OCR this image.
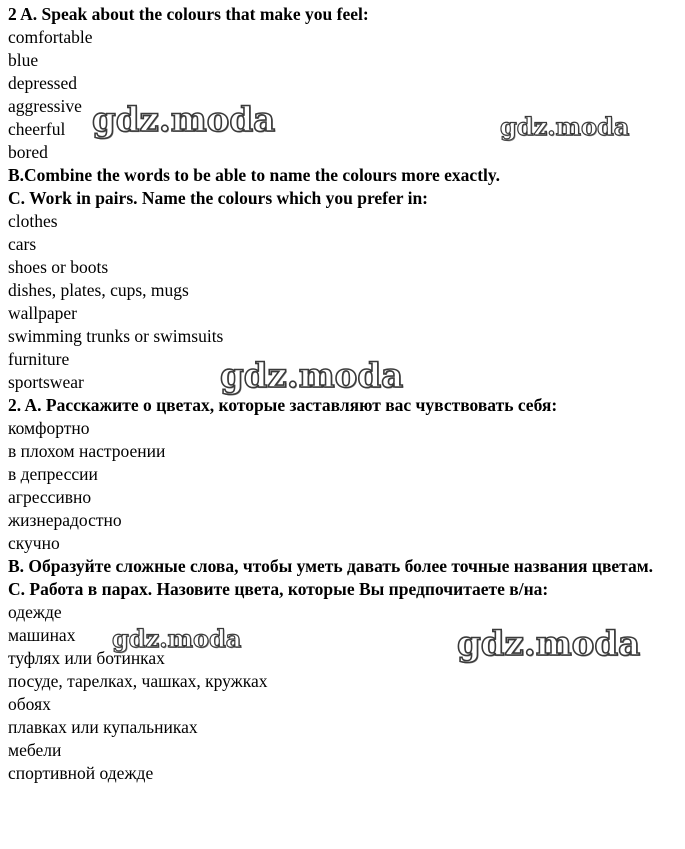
2 A. Speak about the colours that make you feel:

comfortable

blue

depressed

aggressive

cheerful

bored

B.Combine the words to be able to name the colours more exactly.

C. Work in pairs. Name the colours which you prefer in:

clothes

cars

shoes or boots

dishes, plates, cups, mugs

wallpaper

swimming trunks or swimsuits

furniture

sportswear

2. A. Расскажите о цветах, которые заставляют вас чувствовать себя:

комфортно

в плохом настроении

в депрессии

агрессивно

жизнерадостно

скучно

B. Образуйте сложные слова, чтобы уметь давать более точные названия цветам.

C. Работа в парах. Назовите цвета, которые Вы предпочитаете в/на:

одежде

машинах

туфлях или ботинках

посуде, тарелках, чашках, кружках

обоях

плавках или купальниках

мебели

спортивной одежде

gdz.moda	gdz.moda
gdz.moda
gdz.moda	gdz.moda
